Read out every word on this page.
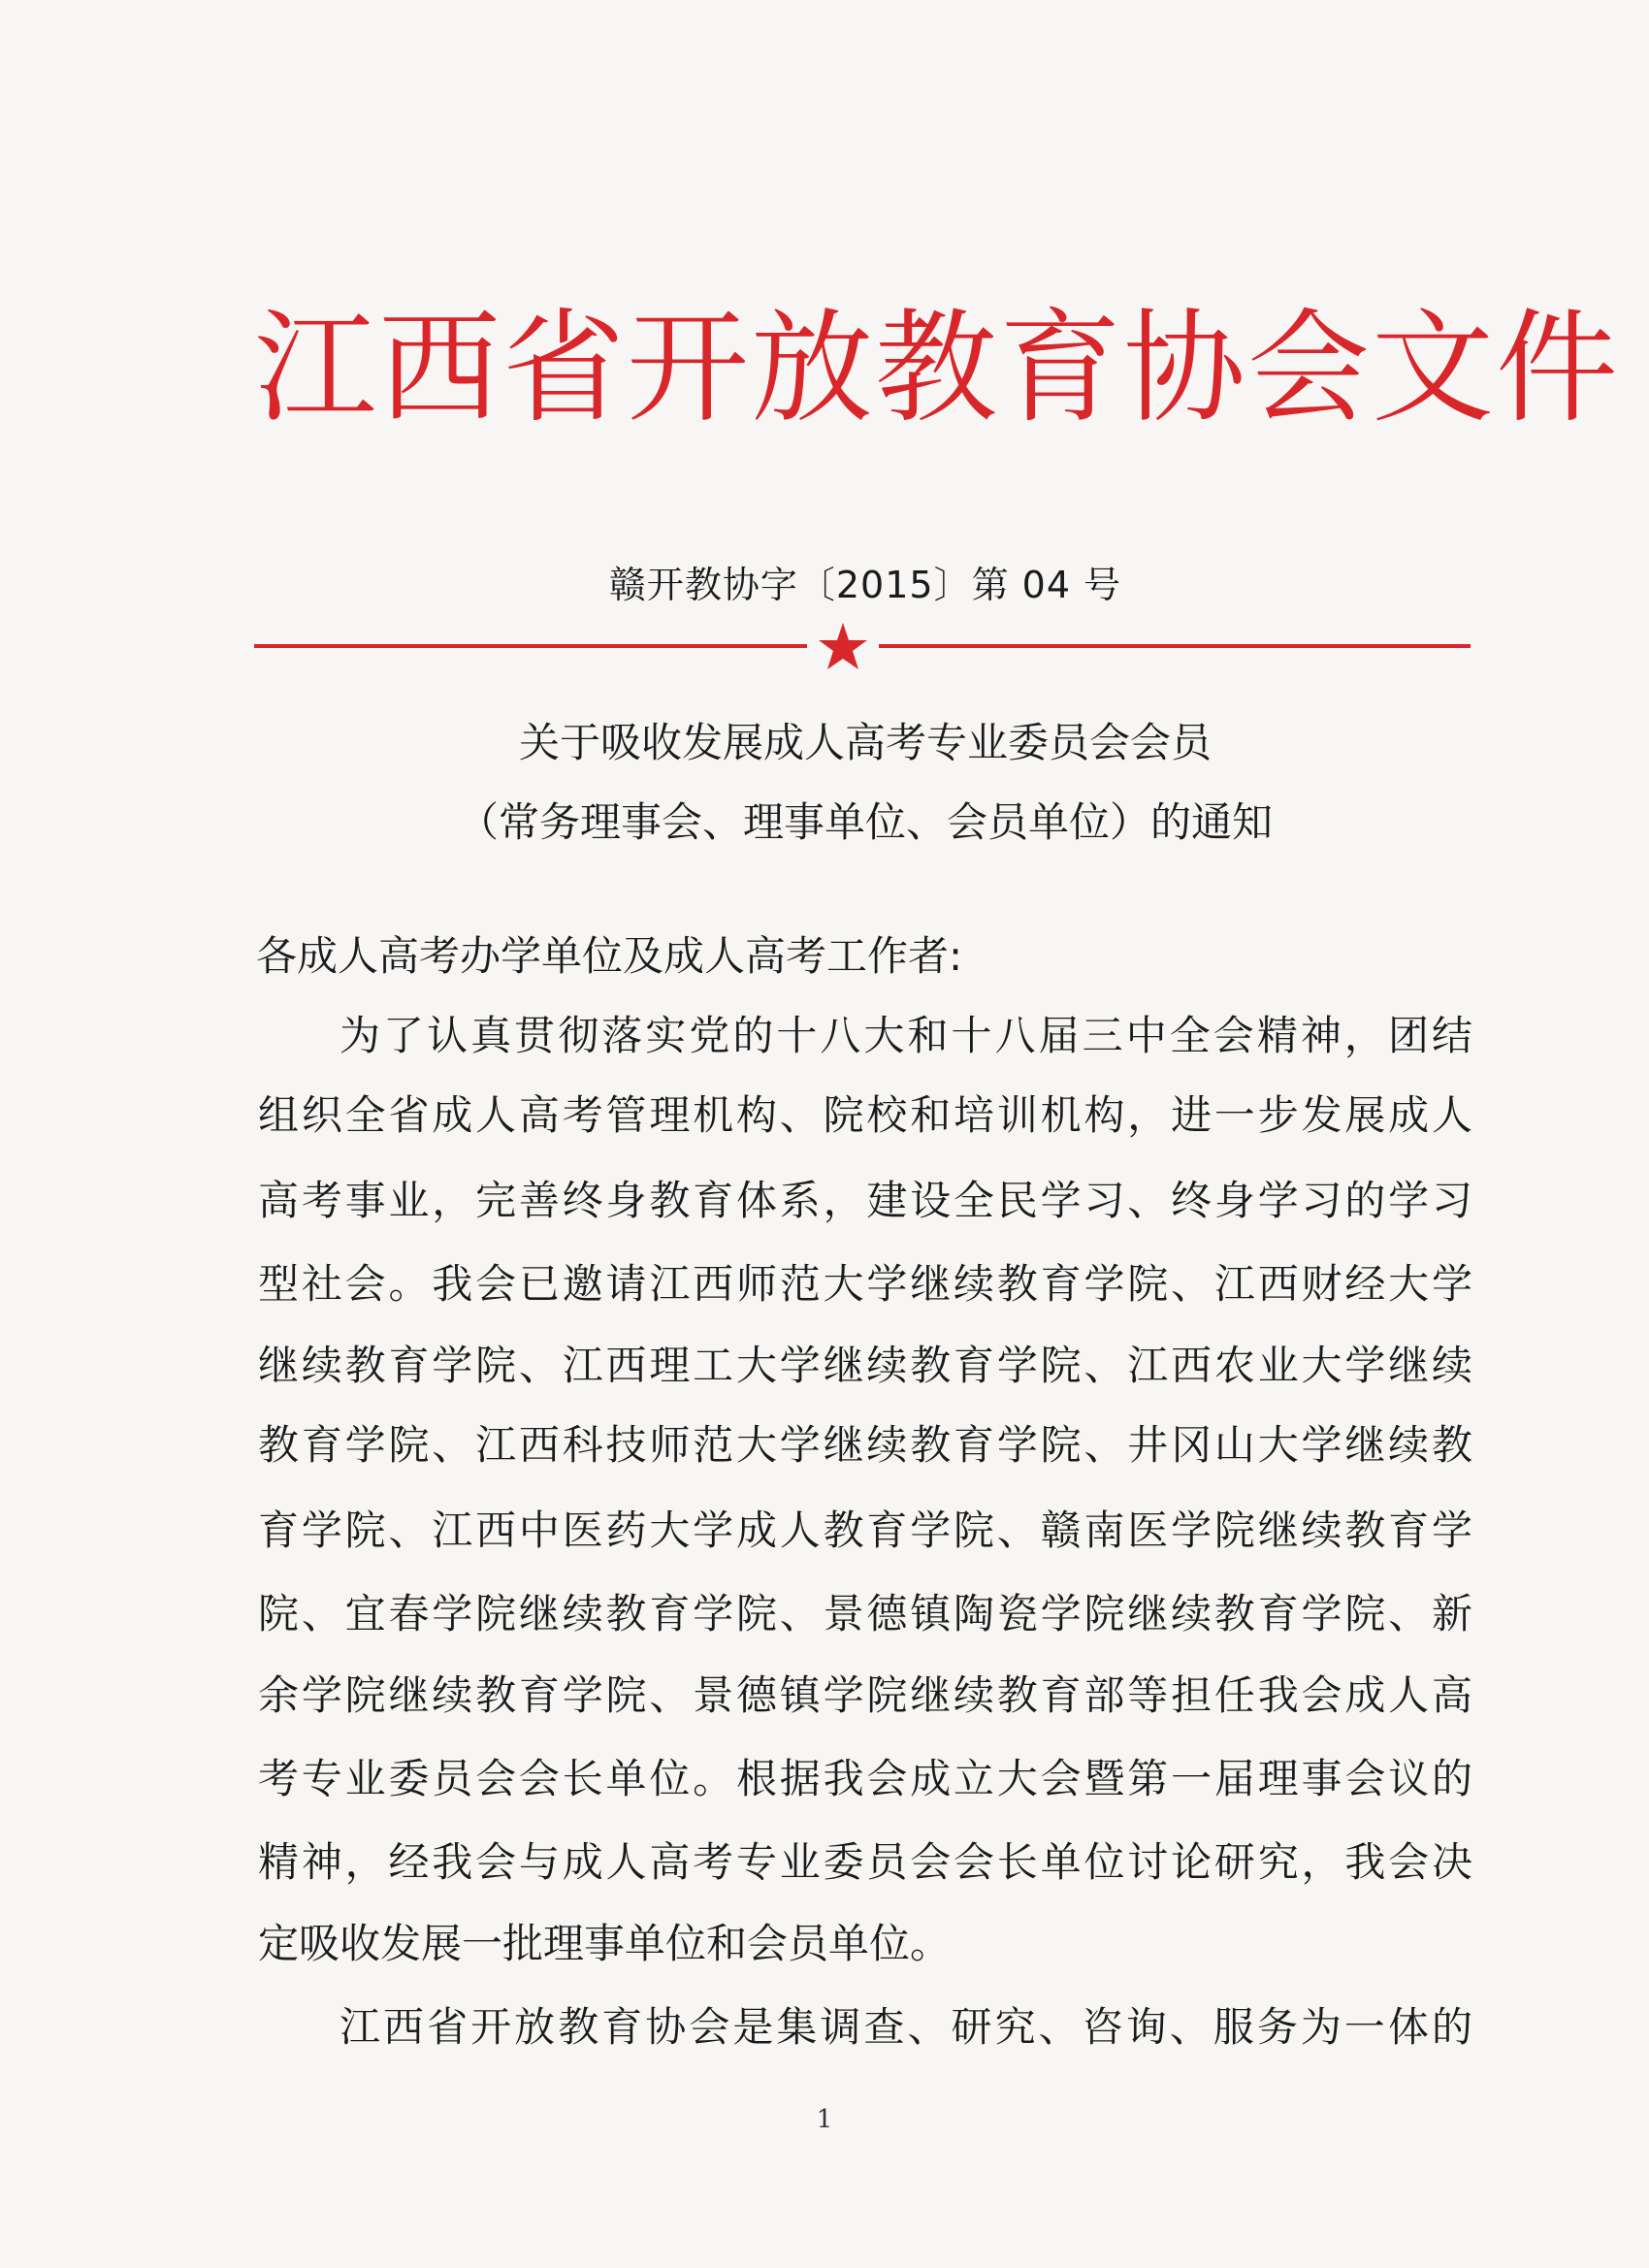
江西省开放教育协会文件
赣开教协字〔2015〕第 04 号
关于吸收发展成人高考专业委员会会员
（常务理事会、理事单位、会员单位）的通知
各成人高考办学单位及成人高考工作者:
为了认真贯彻落实党的十八大和十八届三中全会精神，团结
组织全省成人高考管理机构、院校和培训机构，进一步发展成人
高考事业，完善终身教育体系，建设全民学习、终身学习的学习
型社会。我会已邀请江西师范大学继续教育学院、江西财经大学
继续教育学院、江西理工大学继续教育学院、江西农业大学继续
教育学院、江西科技师范大学继续教育学院、井冈山大学继续教
育学院、江西中医药大学成人教育学院、赣南医学院继续教育学
院、宜春学院继续教育学院、景德镇陶瓷学院继续教育学院、新
余学院继续教育学院、景德镇学院继续教育部等担任我会成人高
考专业委员会会长单位。根据我会成立大会暨第一届理事会议的
精神，经我会与成人高考专业委员会会长单位讨论研究，我会决
定吸收发展一批理事单位和会员单位。
江西省开放教育协会是集调查、研究、咨询、服务为一体的
1
